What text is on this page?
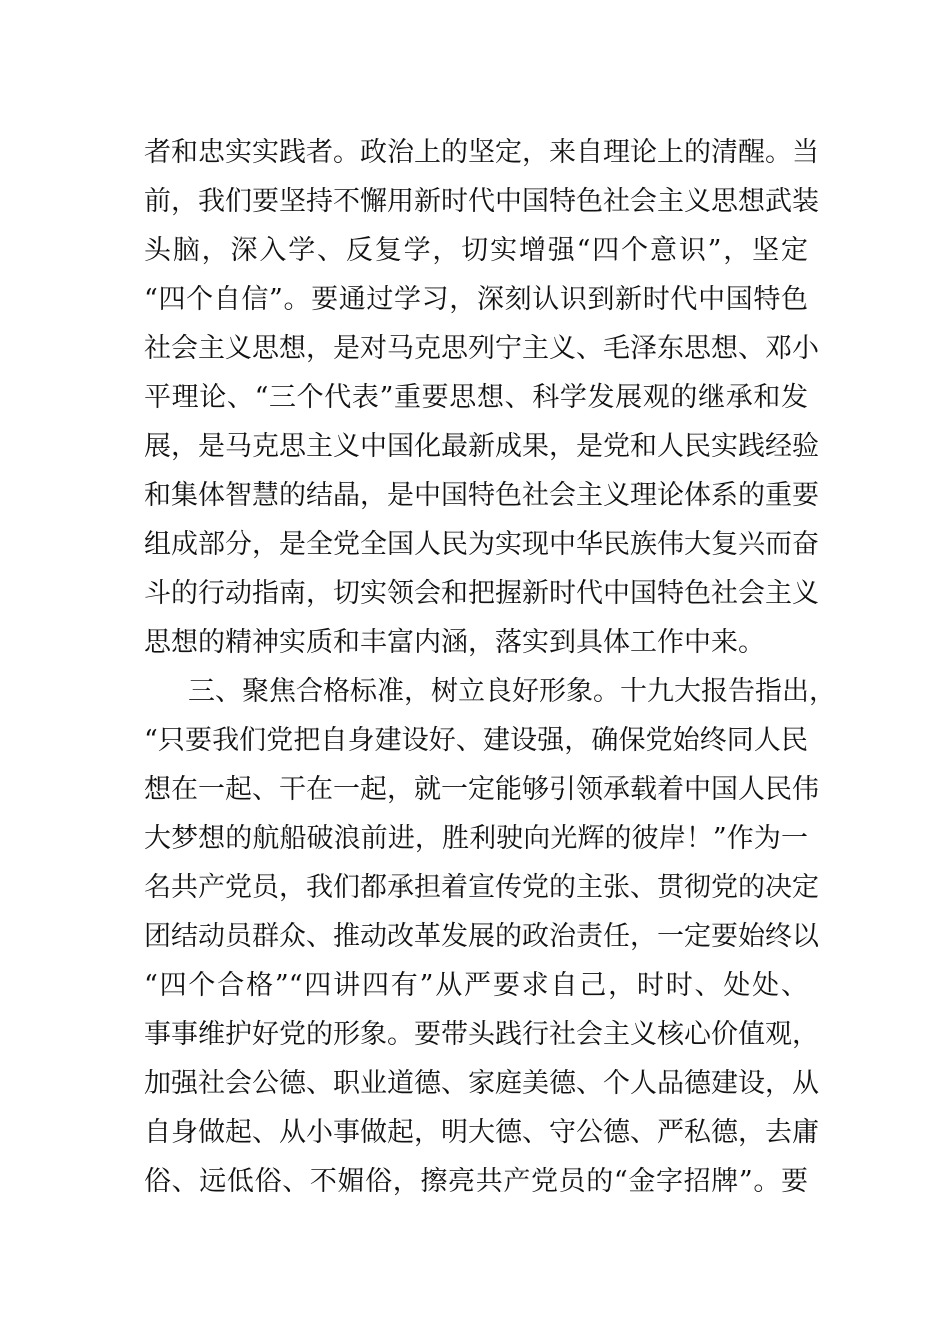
者和忠实实践者。政治上的坚定，来自理论上的清醒。当
前，我们要坚持不懈用新时代中国特色社会主义思想武装
头脑，深入学、反复学，切实增强“四个意识”，坚定
“四个自信”。要通过学习，深刻认识到新时代中国特色
社会主义思想，是对马克思列宁主义、毛泽东思想、邓小
平理论、“三个代表”重要思想、科学发展观的继承和发
展，是马克思主义中国化最新成果，是党和人民实践经验
和集体智慧的结晶，是中国特色社会主义理论体系的重要
组成部分，是全党全国人民为实现中华民族伟大复兴而奋
斗的行动指南，切实领会和把握新时代中国特色社会主义
思想的精神实质和丰富内涵，落实到具体工作中来。
三、聚焦合格标准，树立良好形象。十九大报告指出，
“只要我们党把自身建设好、建设强，确保党始终同人民
想在一起、干在一起，就一定能够引领承载着中国人民伟
大梦想的航船破浪前进，胜利驶向光辉的彼岸！”作为一
名共产党员，我们都承担着宣传党的主张、贯彻党的决定
团结动员群众、推动改革发展的政治责任，一定要始终以
“四个合格”“四讲四有”从严要求自己，时时、处处、
事事维护好党的形象。要带头践行社会主义核心价值观，
加强社会公德、职业道德、家庭美德、个人品德建设，从
自身做起、从小事做起，明大德、守公德、严私德，去庸
俗、远低俗、不媚俗，擦亮共产党员的“金字招牌”。要
